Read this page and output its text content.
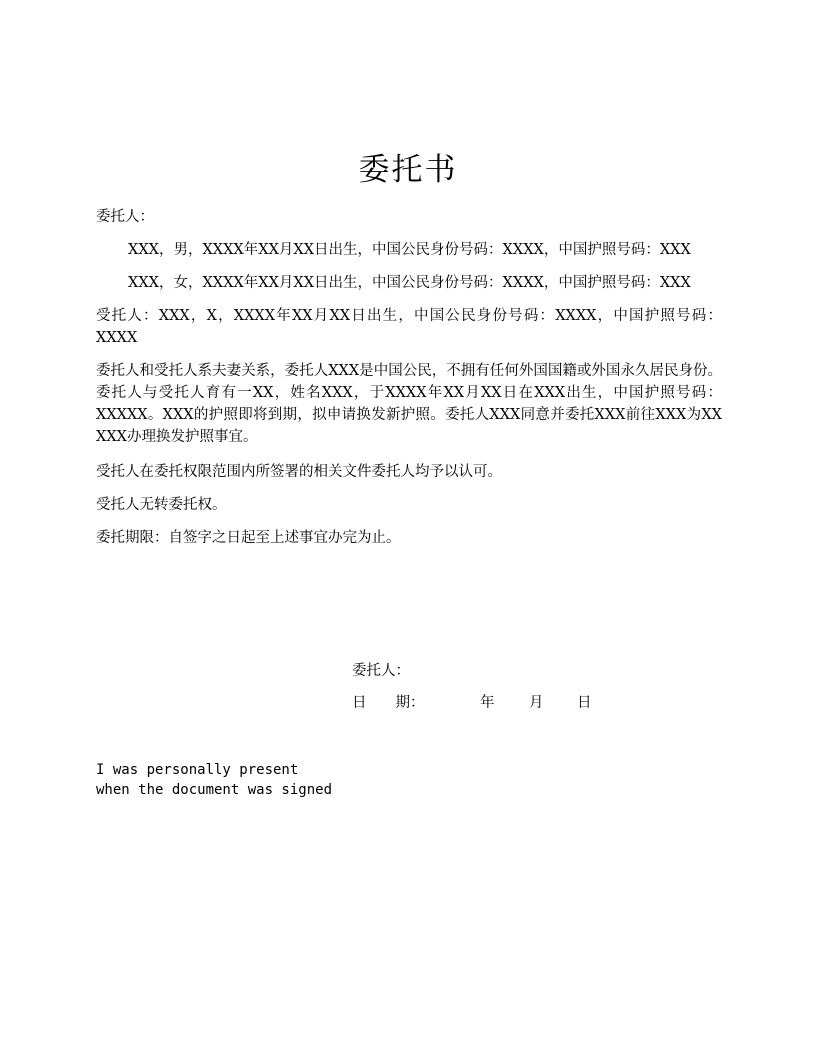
委托书
委托人：
XXX，男，XXXX年XX月XX日出生，中国公民身份号码：XXXX，中国护照号码：XXX
XXX，女，XXXX年XX月XX日出生，中国公民身份号码：XXXX，中国护照号码：XXX
受托人：XXX，X，XXXX年XX月XX日出生，中国公民身份号码：XXXX，中国护照号码：XXXX
委托人和受托人系夫妻关系，委托人XXX是中国公民，不拥有任何外国国籍或外国永久居民身份。委托人与受托人育有一XX，姓名XXX，于XXXX年XX月XX日在XXX出生，中国护照号码：XXXXX。XXX的护照即将到期，拟申请换发新护照。委托人XXX同意并委托XXX前往XXX为XX　XXX办理换发护照事宜。
受托人在委托权限范围内所签署的相关文件委托人均予以认可。
受托人无转委托权。
委托期限：自签字之日起至上述事宜办完为止。
委托人：
日　　期：	年 月 日
I was personally present
when the document was signed
